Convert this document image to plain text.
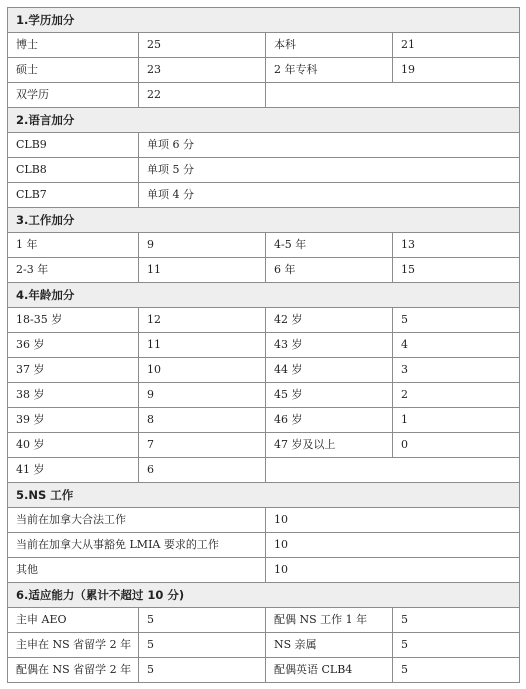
1.学历加分			
博士	25	本科	21
硕士	23	2 年专科	19
双学历	22		
2.语言加分			
CLB9	单项 6 分		
CLB8	单项 5 分		
CLB7	单项 4 分		
3.工作加分			
1 年	9	4-5 年	13
2-3 年	11	6 年	15
4.年龄加分			
18-35 岁	12	42 岁	5
36 岁	11	43 岁	4
37 岁	10	44 岁	3
38 岁	9	45 岁	2
39 岁	8	46 岁	1
40 岁	7	47 岁及以上	0
41 岁	6		
5.NS 工作			
当前在加拿大合法工作		10	
当前在加拿大从事豁免 LMIA 要求的工作		10	
其他		10	
6.适应能力（累计不超过 10 分)			
主申 AEO	5	配偶 NS 工作 1 年	5
主申在 NS 省留学 2 年	5	NS 亲属	5
配偶在 NS 省留学 2 年	5	配偶英语 CLB4	5
